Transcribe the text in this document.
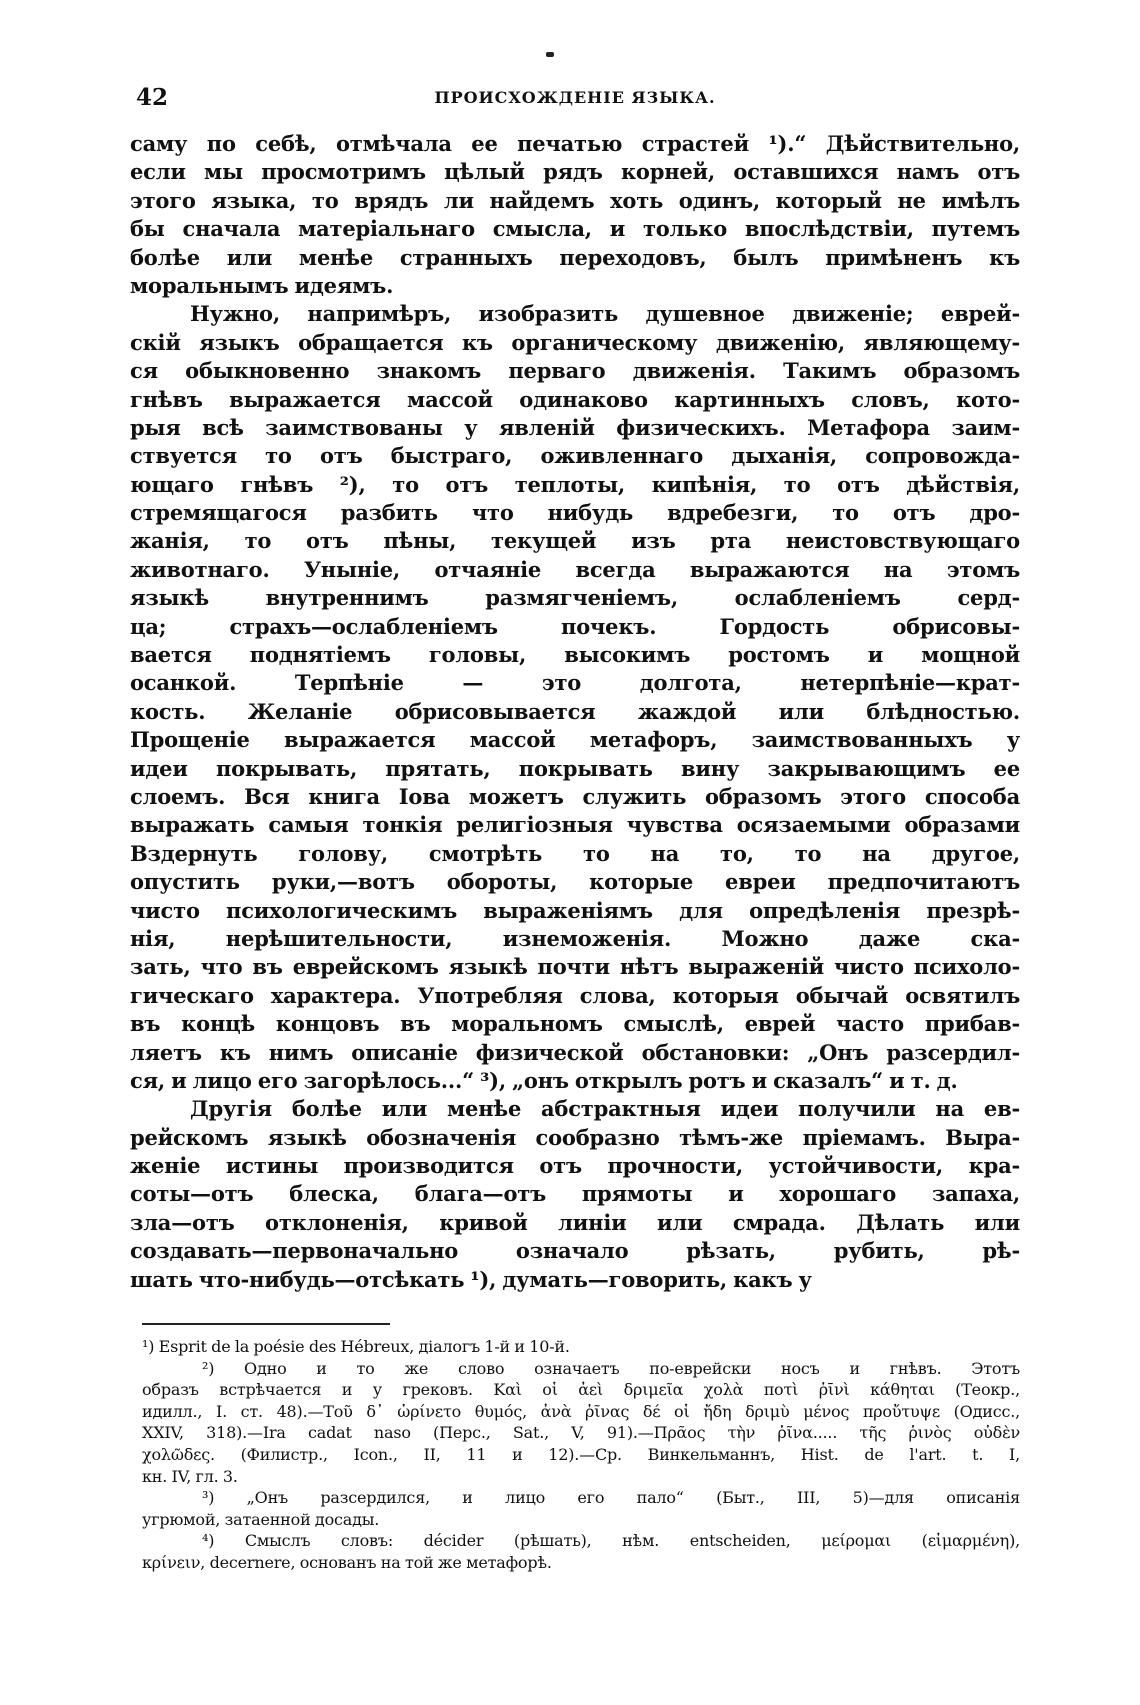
42	ПРОИСХОЖДЕНІЕ ЯЗЫКА.
саму по себѣ, отмѣчала ее печатью страстей ¹).“ Дѣйствительно,
если мы просмотримъ цѣлый рядъ корней, оставшихся намъ отъ
этого языка, то врядъ ли найдемъ хоть одинъ, который не имѣлъ
бы сначала матеріальнаго смысла, и только впослѣдствіи, путемъ
болѣе или менѣе странныхъ переходовъ, былъ примѣненъ къ
моральнымъ идеямъ.
Нужно, напримѣръ, изобразить душевное движеніе; еврей-
скій языкъ обращается къ органическому движенію, являющему-
ся обыкновенно знакомъ перваго движенія. Такимъ образомъ
гнѣвъ выражается массой одинаково картинныхъ словъ, кото-
рыя всѣ заимствованы у явленій физическихъ. Метафора заим-
ствуется то отъ быстраго, оживленнаго дыханія, сопровожда-
ющаго гнѣвъ ²), то отъ теплоты, кипѣнія, то отъ дѣйствія,
стремящагося разбить что нибудь вдребезги, то отъ дро-
жанія, то отъ пѣны, текущей изъ рта неистовствующаго
животнаго. Уныніе, отчаяніе всегда выражаются на этомъ
языкѣ внутреннимъ размягченіемъ, ослабленіемъ серд-
ца; страхъ—ослабленіемъ почекъ. Гордость обрисовы-
вается поднятіемъ головы, высокимъ ростомъ и мощной
осанкой. Терпѣніе — это долгота, нетерпѣніе—крат-
кость. Желаніе обрисовывается жаждой или блѣдностью.
Прощеніе выражается массой метафоръ, заимствованныхъ у
идеи покрывать, прятать, покрывать вину закрывающимъ ее
слоемъ. Вся книга Іова можетъ служить образомъ этого способа
выражать самыя тонкія религіозныя чувства осязаемыми образами
Вздернуть голову, смотрѣть то на то, то на другое,
опустить руки,—вотъ обороты, которые евреи предпочитаютъ
чисто психологическимъ выраженіямъ для опредѣленія презрѣ-
нія, нерѣшительности, изнеможенія. Можно даже ска-
зать, что въ еврейскомъ языкѣ почти нѣтъ выраженій чисто психоло-
гическаго характера. Употребляя слова, которыя обычай освятилъ
въ концѣ концовъ въ моральномъ смыслѣ, еврей часто прибав-
ляетъ къ нимъ описаніе физической обстановки: „Онъ разсердил-
ся, и лицо его загорѣлось...“ ³), „онъ открылъ ротъ и сказалъ“ и т. д.
Другія болѣе или менѣе абстрактныя идеи получили на ев-
рейскомъ языкѣ обозначенія сообразно тѣмъ-же пріемамъ. Выра-
женіе истины производится отъ прочности, устойчивости, кра-
соты—отъ блеска, блага—отъ прямоты и хорошаго запаха,
зла—отъ отклоненія, кривой линіи или смрада. Дѣлать или
создавать—первоначально означало рѣзать, рубить, рѣ-
шать что-нибудь—отсѣкать ¹), думать—говорить, какъ у
¹) Esprit de la poésie des Hébreux, діалогъ 1-й и 10-й.
²) Одно и то же слово означаетъ по-еврейски носъ и гнѣвъ. Этотъ
образъ встрѣчается и у грековъ. Καὶ οἱ ἀεὶ δριμεῖα χολὰ ποτὶ ῥῑνὶ κάθηται (Теокр.,
идилл., I. ст. 48).—Τοῦ δ᾽ ὠρίνετο θυμός, ἀνὰ ῥῖνας δέ οἱ ἤδη δριμὺ μένος προὔτυψε (Одисс.,
XXIV, 318).—Ira cadat naso (Перс., Sat., V, 91).—Πρᾶος τὴν ῥῖνα..... τῆς ῥινὸς οὐδὲν
χολῶδες. (Филистр., Icon., II, 11 и 12).—Ср. Винкельманнъ, Hist. de l'art. t. I,
кн. IV, гл. 3.
³) „Онъ разсердился, и лицо его пало“ (Быт., III, 5)—для описанія
угрюмой, затаенной досады.
⁴) Смыслъ словъ: décider (рѣшать), нѣм. entscheiden, μείρομαι (εἱμαρμένη),
κρίνειν, decernere, основанъ на той же метафорѣ.
